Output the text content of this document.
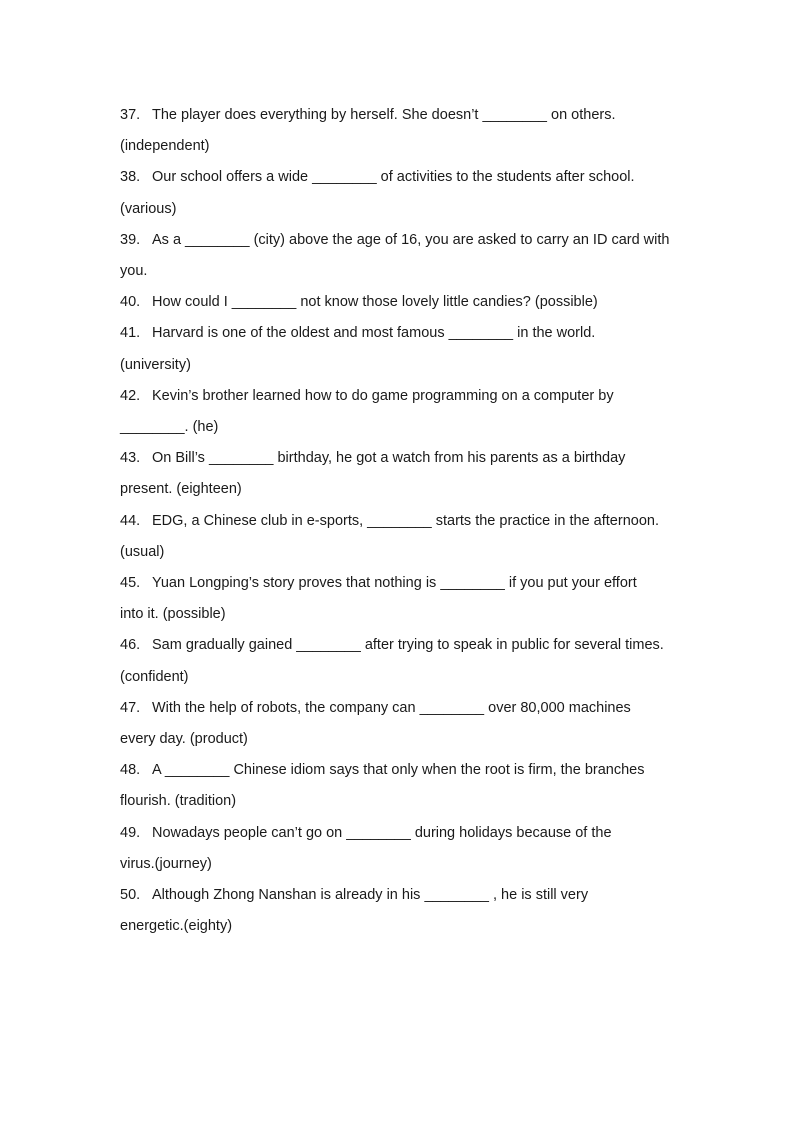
37. The player does everything by herself. She doesn’t ________ on others.
(independent)
38. Our school offers a wide ________ of activities to the students after school.
(various)
39. As a ________ (city) above the age of 16, you are asked to carry an ID card with
you.
40. How could I ________ not know those lovely little candies? (possible)
41. Harvard is one of the oldest and most famous ________ in the world.
(university)
42. Kevin’s brother learned how to do game programming on a computer by
________. (he)
43. On Bill’s ________ birthday, he got a watch from his parents as a birthday
present. (eighteen)
44. EDG, a Chinese club in e-sports, ________ starts the practice in the afternoon.
(usual)
45. Yuan Longping’s story proves that nothing is ________ if you put your effort
into it. (possible)
46. Sam gradually gained ________ after trying to speak in public for several times.
(confident)
47. With the help of robots, the company can ________ over 80,000 machines
every day. (product)
48. A ________ Chinese idiom says that only when the root is firm, the branches
flourish. (tradition)
49. Nowadays people can’t go on ________ during holidays because of the
virus.(journey)
50. Although Zhong Nanshan is already in his ________ , he is still very
energetic.(eighty)
